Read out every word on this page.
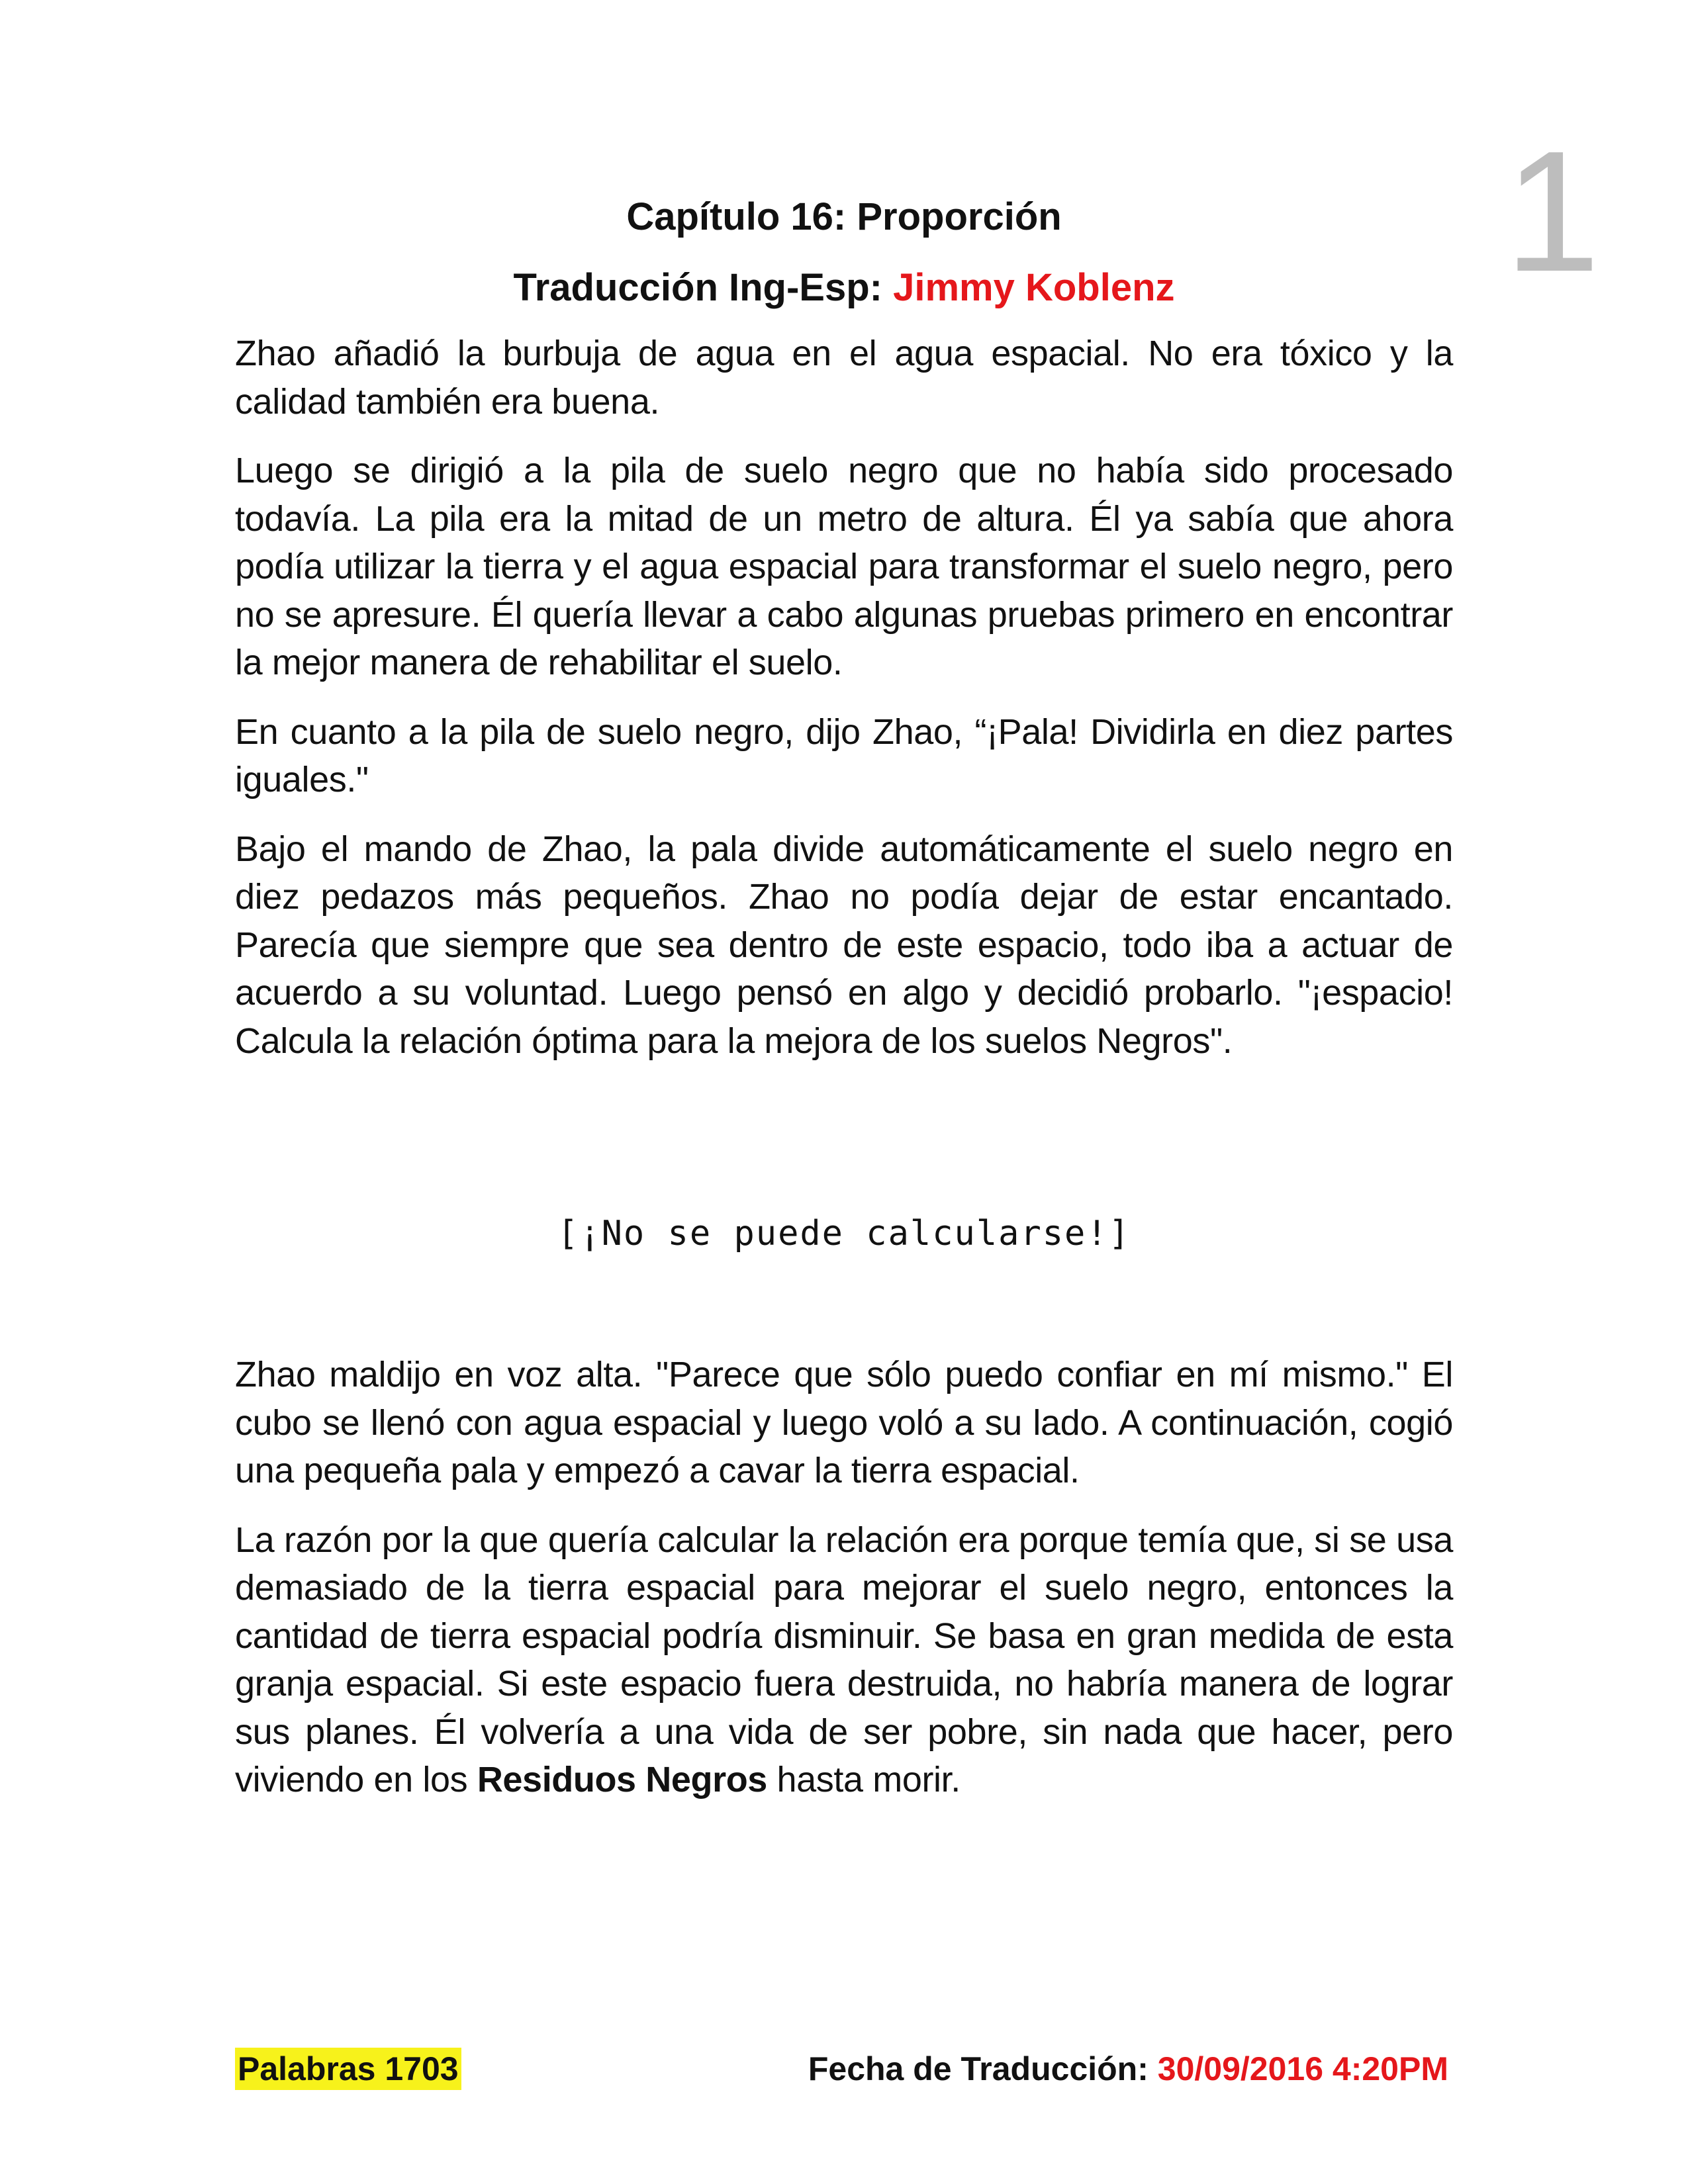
1
Capítulo 16: Proporción
Traducción Ing-Esp: Jimmy Koblenz

Zhao añadió la burbuja de agua en el agua espacial. No era tóxico y la calidad también era buena.

Luego se dirigió a la pila de suelo negro que no había sido procesado todavía. La pila era la mitad de un metro de altura. Él ya sabía que ahora podía utilizar la tierra y el agua espacial para transformar el suelo negro, pero no se apresure. Él quería llevar a cabo algunas pruebas primero en encontrar la mejor manera de rehabilitar el suelo.

En cuanto a la pila de suelo negro, dijo Zhao, “¡Pala! Dividirla en diez partes iguales."

Bajo el mando de Zhao, la pala divide automáticamente el suelo negro en diez pedazos más pequeños. Zhao no podía dejar de estar encantado. Parecía que siempre que sea dentro de este espacio, todo iba a actuar de acuerdo a su voluntad. Luego pensó en algo y decidió probarlo. "¡espacio! Calcula la relación óptima para la mejora de los suelos Negros".

[¡No se puede calcularse!]

Zhao maldijo en voz alta. "Parece que sólo puedo confiar en mí mismo." El cubo se llenó con agua espacial y luego voló a su lado. A continuación, cogió una pequeña pala y empezó a cavar la tierra espacial.

La razón por la que quería calcular la relación era porque temía que, si se usa demasiado de la tierra espacial para mejorar el suelo negro, entonces la cantidad de tierra espacial podría disminuir. Se basa en gran medida de esta granja espacial. Si este espacio fuera destruida, no habría manera de lograr sus planes. Él volvería a una vida de ser pobre, sin nada que hacer, pero viviendo en los Residuos Negros hasta morir.

Palabras 1703	Fecha de Traducción: 30/09/2016 4:20PM
